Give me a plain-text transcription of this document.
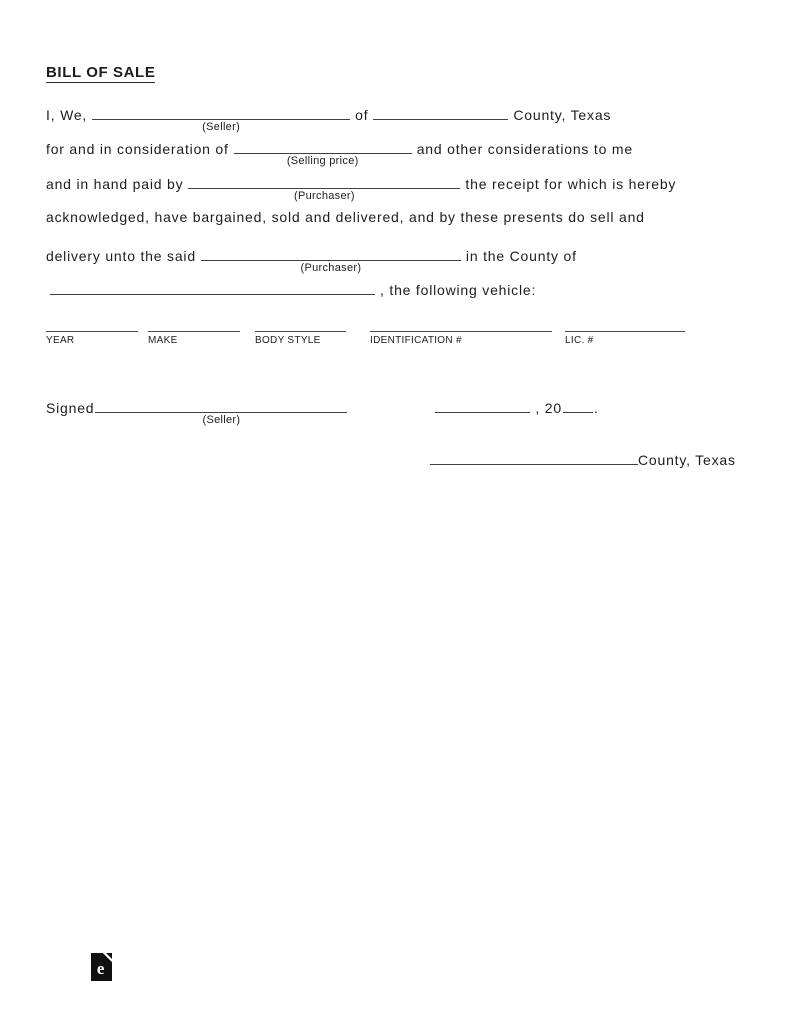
BILL OF SALE
I, We,
(Seller)
of	County, Texas
for and in consideration of
(Selling price)
and other considerations to me
and in hand paid by
(Purchaser)
the receipt for which is hereby
acknowledged, have bargained, sold and delivered, and by these presents do sell and
delivery unto the said
(Purchaser)
in the County of
, the following vehicle:
YEAR	MAKE	BODY STYLE	IDENTIFICATION #	LIC. #
Signed
(Seller)
, 20 .
County, Texas
e
